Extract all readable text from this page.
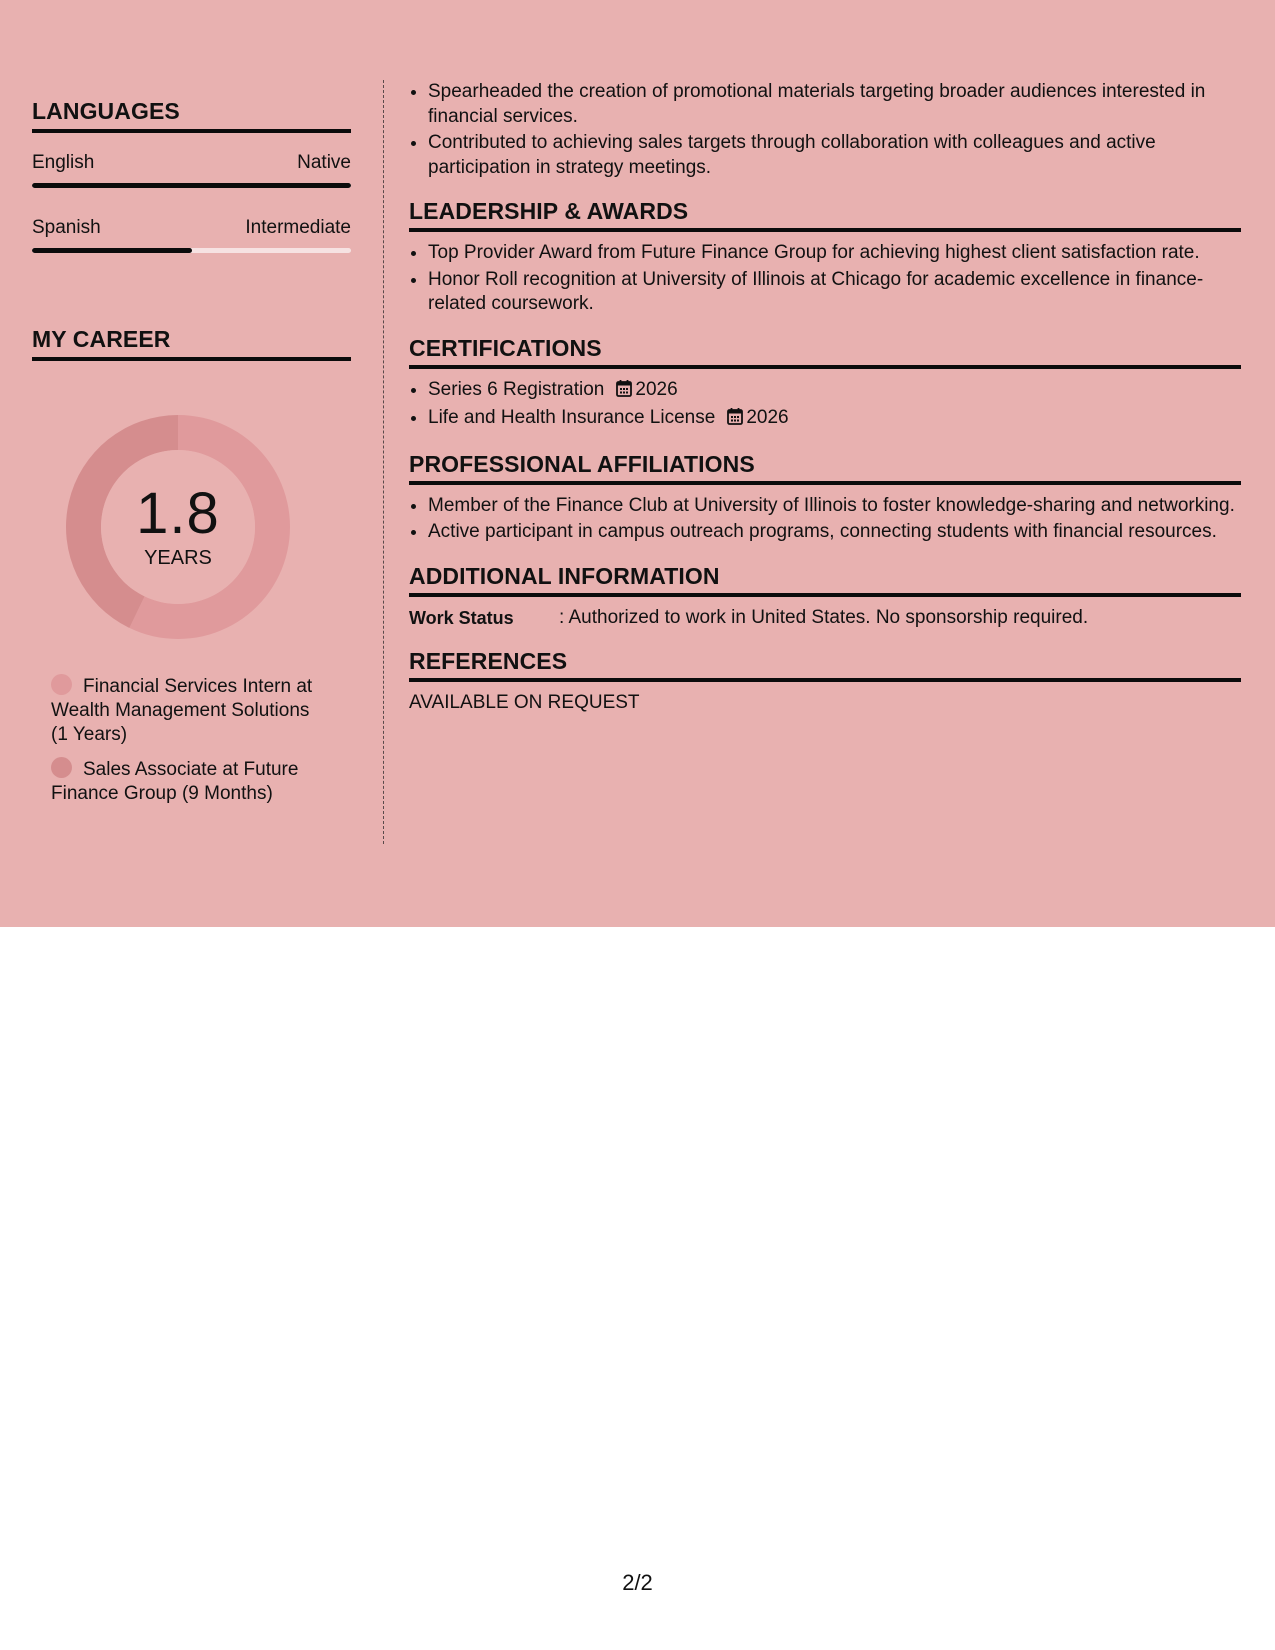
LANGUAGES
English	Native
Spanish	Intermediate
MY CAREER
1.8
YEARS
Financial Services Intern at Wealth Management Solutions (1 Years)
Sales Associate at Future Finance Group (9 Months)
• Spearheaded the creation of promotional materials targeting broader audiences interested in financial services.
• Contributed to achieving sales targets through collaboration with colleagues and active participation in strategy meetings.
LEADERSHIP & AWARDS
• Top Provider Award from Future Finance Group for achieving highest client satisfaction rate.
• Honor Roll recognition at University of Illinois at Chicago for academic excellence in finance-related coursework.
CERTIFICATIONS
• Series 6 Registration 2026
• Life and Health Insurance License 2026
PROFESSIONAL AFFILIATIONS
• Member of the Finance Club at University of Illinois to foster knowledge-sharing and networking.
• Active participant in campus outreach programs, connecting students with financial resources.
ADDITIONAL INFORMATION
Work Status	: Authorized to work in United States. No sponsorship required.
REFERENCES
AVAILABLE ON REQUEST
2/2
